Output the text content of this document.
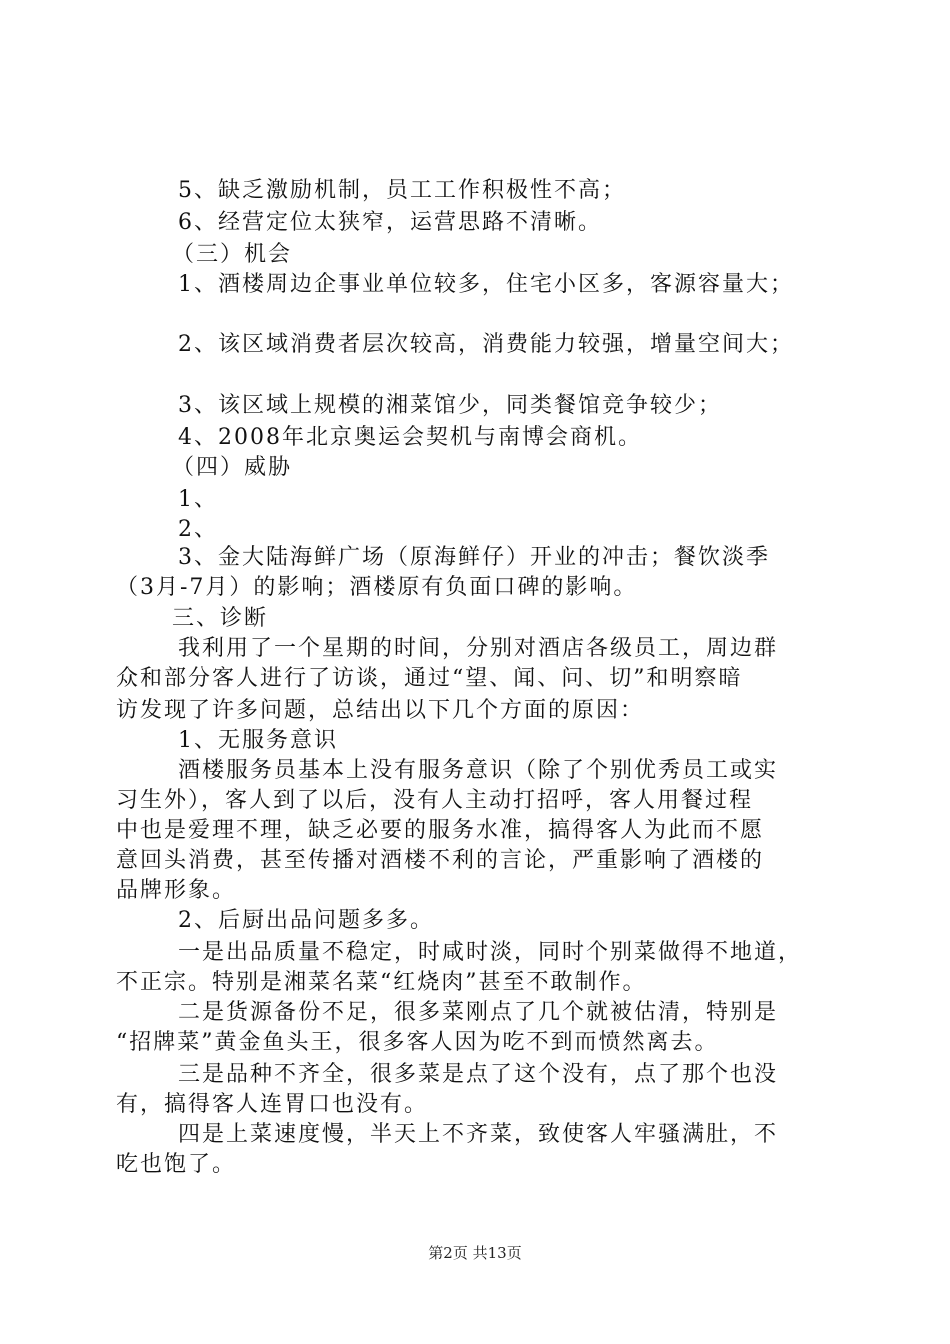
5、缺乏激励机制，员工工作积极性不高；
6、经营定位太狭窄，运营思路不清晰。
（三）机会
1、酒楼周边企事业单位较多，住宅小区多，客源容量大；
2、该区域消费者层次较高，消费能力较强，增量空间大；
3、该区域上规模的湘菜馆少，同类餐馆竞争较少；
4、2008年北京奥运会契机与南博会商机。
（四）威胁
1、
2、
3、金大陆海鲜广场（原海鲜仔）开业的冲击；餐饮淡季
（3月-7月）的影响；酒楼原有负面口碑的影响。
三、诊断
我利用了一个星期的时间，分别对酒店各级员工，周边群
众和部分客人进行了访谈，通过“望、闻、问、切”和明察暗
访发现了许多问题，总结出以下几个方面的原因：
1、无服务意识
酒楼服务员基本上没有服务意识（除了个别优秀员工或实
习生外），客人到了以后，没有人主动打招呼，客人用餐过程
中也是爱理不理，缺乏必要的服务水准，搞得客人为此而不愿
意回头消费，甚至传播对酒楼不利的言论，严重影响了酒楼的
品牌形象。
2、后厨出品问题多多。
一是出品质量不稳定，时咸时淡，同时个别菜做得不地道，
不正宗。特别是湘菜名菜“红烧肉”甚至不敢制作。
二是货源备份不足，很多菜刚点了几个就被估清，特别是
“招牌菜”黄金鱼头王，很多客人因为吃不到而愤然离去。
三是品种不齐全，很多菜是点了这个没有，点了那个也没
有，搞得客人连胃口也没有。
四是上菜速度慢，半天上不齐菜，致使客人牢骚满肚，不
吃也饱了。
第2页 共13页
